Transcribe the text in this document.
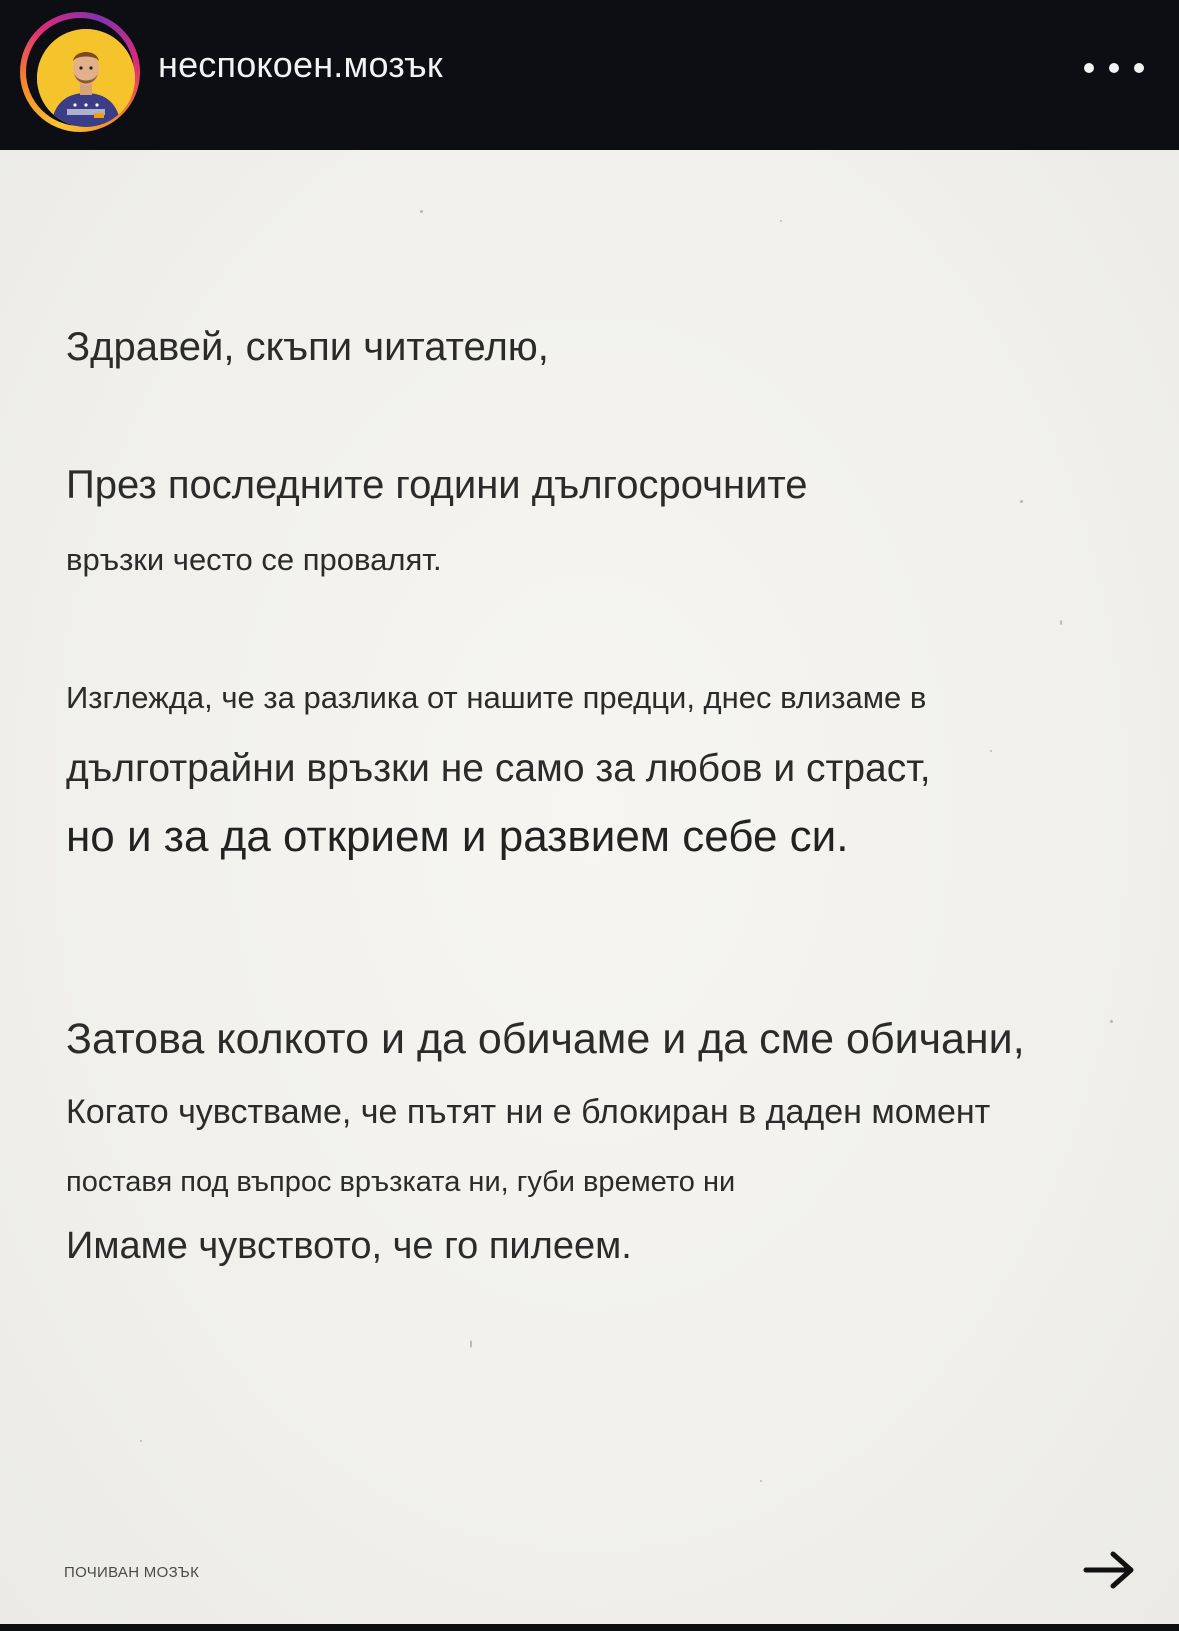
неспокоен.мозък
Здравей, скъпи читателю,
През последните години дългосрочните
връзки често се провалят.
Изглежда, че за разлика от нашите предци, днес влизаме в
дълготрайни връзки не само за любов и страст,
но и за да открием и развием себе си.
Затова колкото и да обичаме и да сме обичани,
Когато чувстваме, че пътят ни е блокиран в даден момент
поставя под въпрос връзката ни, губи времето ни
Имаме чувството, че го пилеем.
ПОЧИВАН МОЗЪК
